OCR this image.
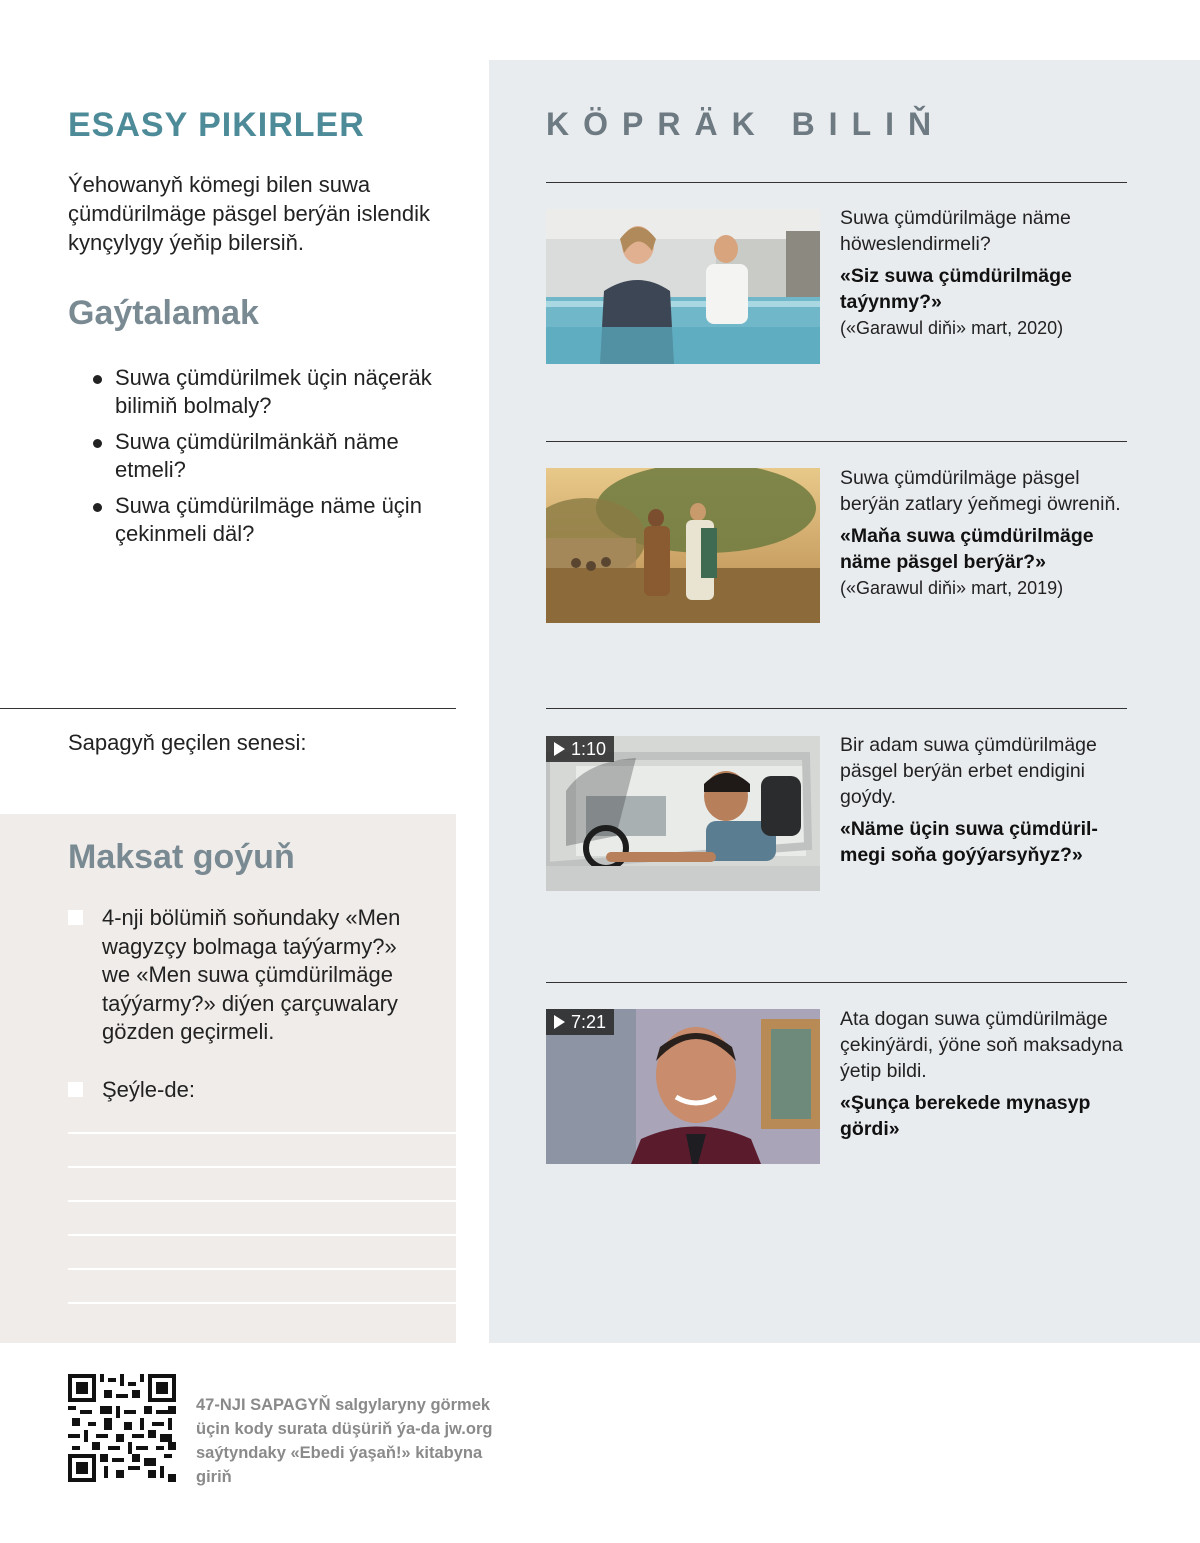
ESASY PIKIRLER

Ýehowanyň kömegi bilen suwa çümdürilmäge päsgel berýän islendik kynçylygy ýeňip bilersiň.

Gaýtalamak
Suwa çümdürilmek üçin näçeräk bilimiň bolmaly?
Suwa çümdürilmänkäň näme etmeli?
Suwa çümdürilmäge näme üçin çekinmeli däl?
Sapagyň geçilen senesi:
Maksat goýuň
4-nji bölümiň soňundaky «Men wagyzçy bolmaga taýýarmy?» we «Men suwa çümdürilmäge taýýarmy?» diýen çarçuwalary gözden geçirmeli.
Şeýle-de:
KÖPRÄK BILIŇ

Suwa çümdürilmäge näme höweslendirmeli?

«Siz suwa çümdürilmäge taýynmy?»

(«Garawul diňi» mart, 2020)

Suwa çümdürilmäge päsgel berýän zatlary ýeňmegi öwreniň.

«Maňa suwa çümdürilmäge näme päsgel berýär?»

(«Garawul diňi» mart, 2019)

1:10	Bir adam suwa çümdürilmäge päsgel berýän erbet endigini goýdy.

«Näme üçin suwa çümdürilmegi soňa goýýarsyňyz?»

7:21	Ata dogan suwa çümdürilmäge çekinýärdi, ýöne soň maksadyna ýetip bildi.

«Şunça berekede mynasyp gördi»

47-NJI SAPAGYŇ salgylaryny görmek üçin kody surata düşüriň ýa-da jw.org saýtyndaky «Ebedi ýaşaň!» kitabyna giriň
